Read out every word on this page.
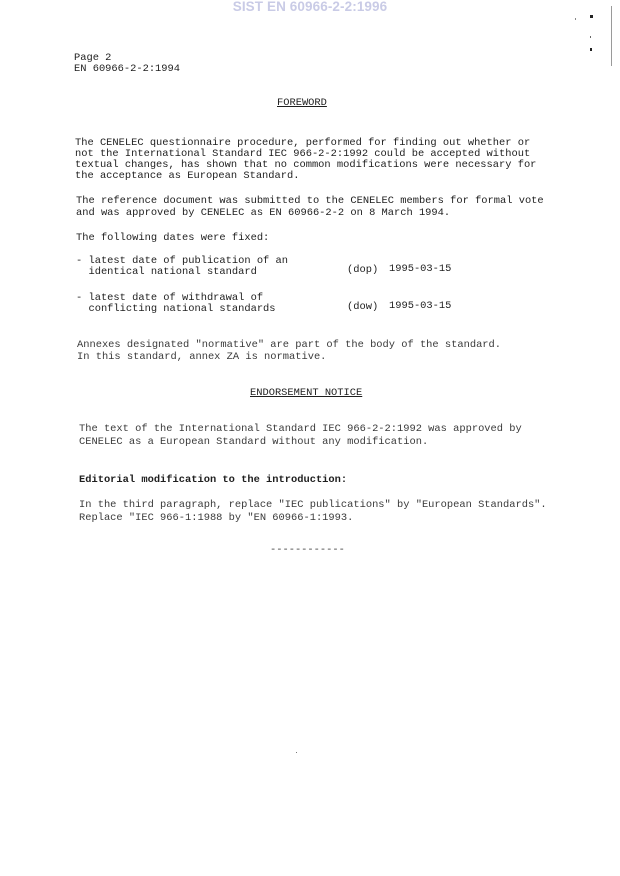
SIST EN 60966-2-2:1996
Page 2
EN 60966-2-2:1994
FOREWORD
The CENELEC questionnaire procedure, performed for finding out whether or
not the International Standard IEC 966-2-2:1992 could be accepted without
textual changes, has shown that no common modifications were necessary for
the acceptance as European Standard.
The reference document was submitted to the CENELEC members for formal vote
and was approved by CENELEC as EN 60966-2-2 on 8 March 1994.
The following dates were fixed:
- latest date of publication of an
identical national standard	(dop) 1995-03-15
- latest date of withdrawal of
conflicting national standards	(dow) 1995-03-15
Annexes designated "normative" are part of the body of the standard.
In this standard, annex ZA is normative.
ENDORSEMENT NOTICE
The text of the International Standard IEC 966-2-2:1992 was approved by
CENELEC as a European Standard without any modification.
Editorial modification to the introduction:
In the third paragraph, replace "IEC publications" by "European Standards".
Replace "IEC 966-1:1988 by "EN 60966-1:1993.
------------
